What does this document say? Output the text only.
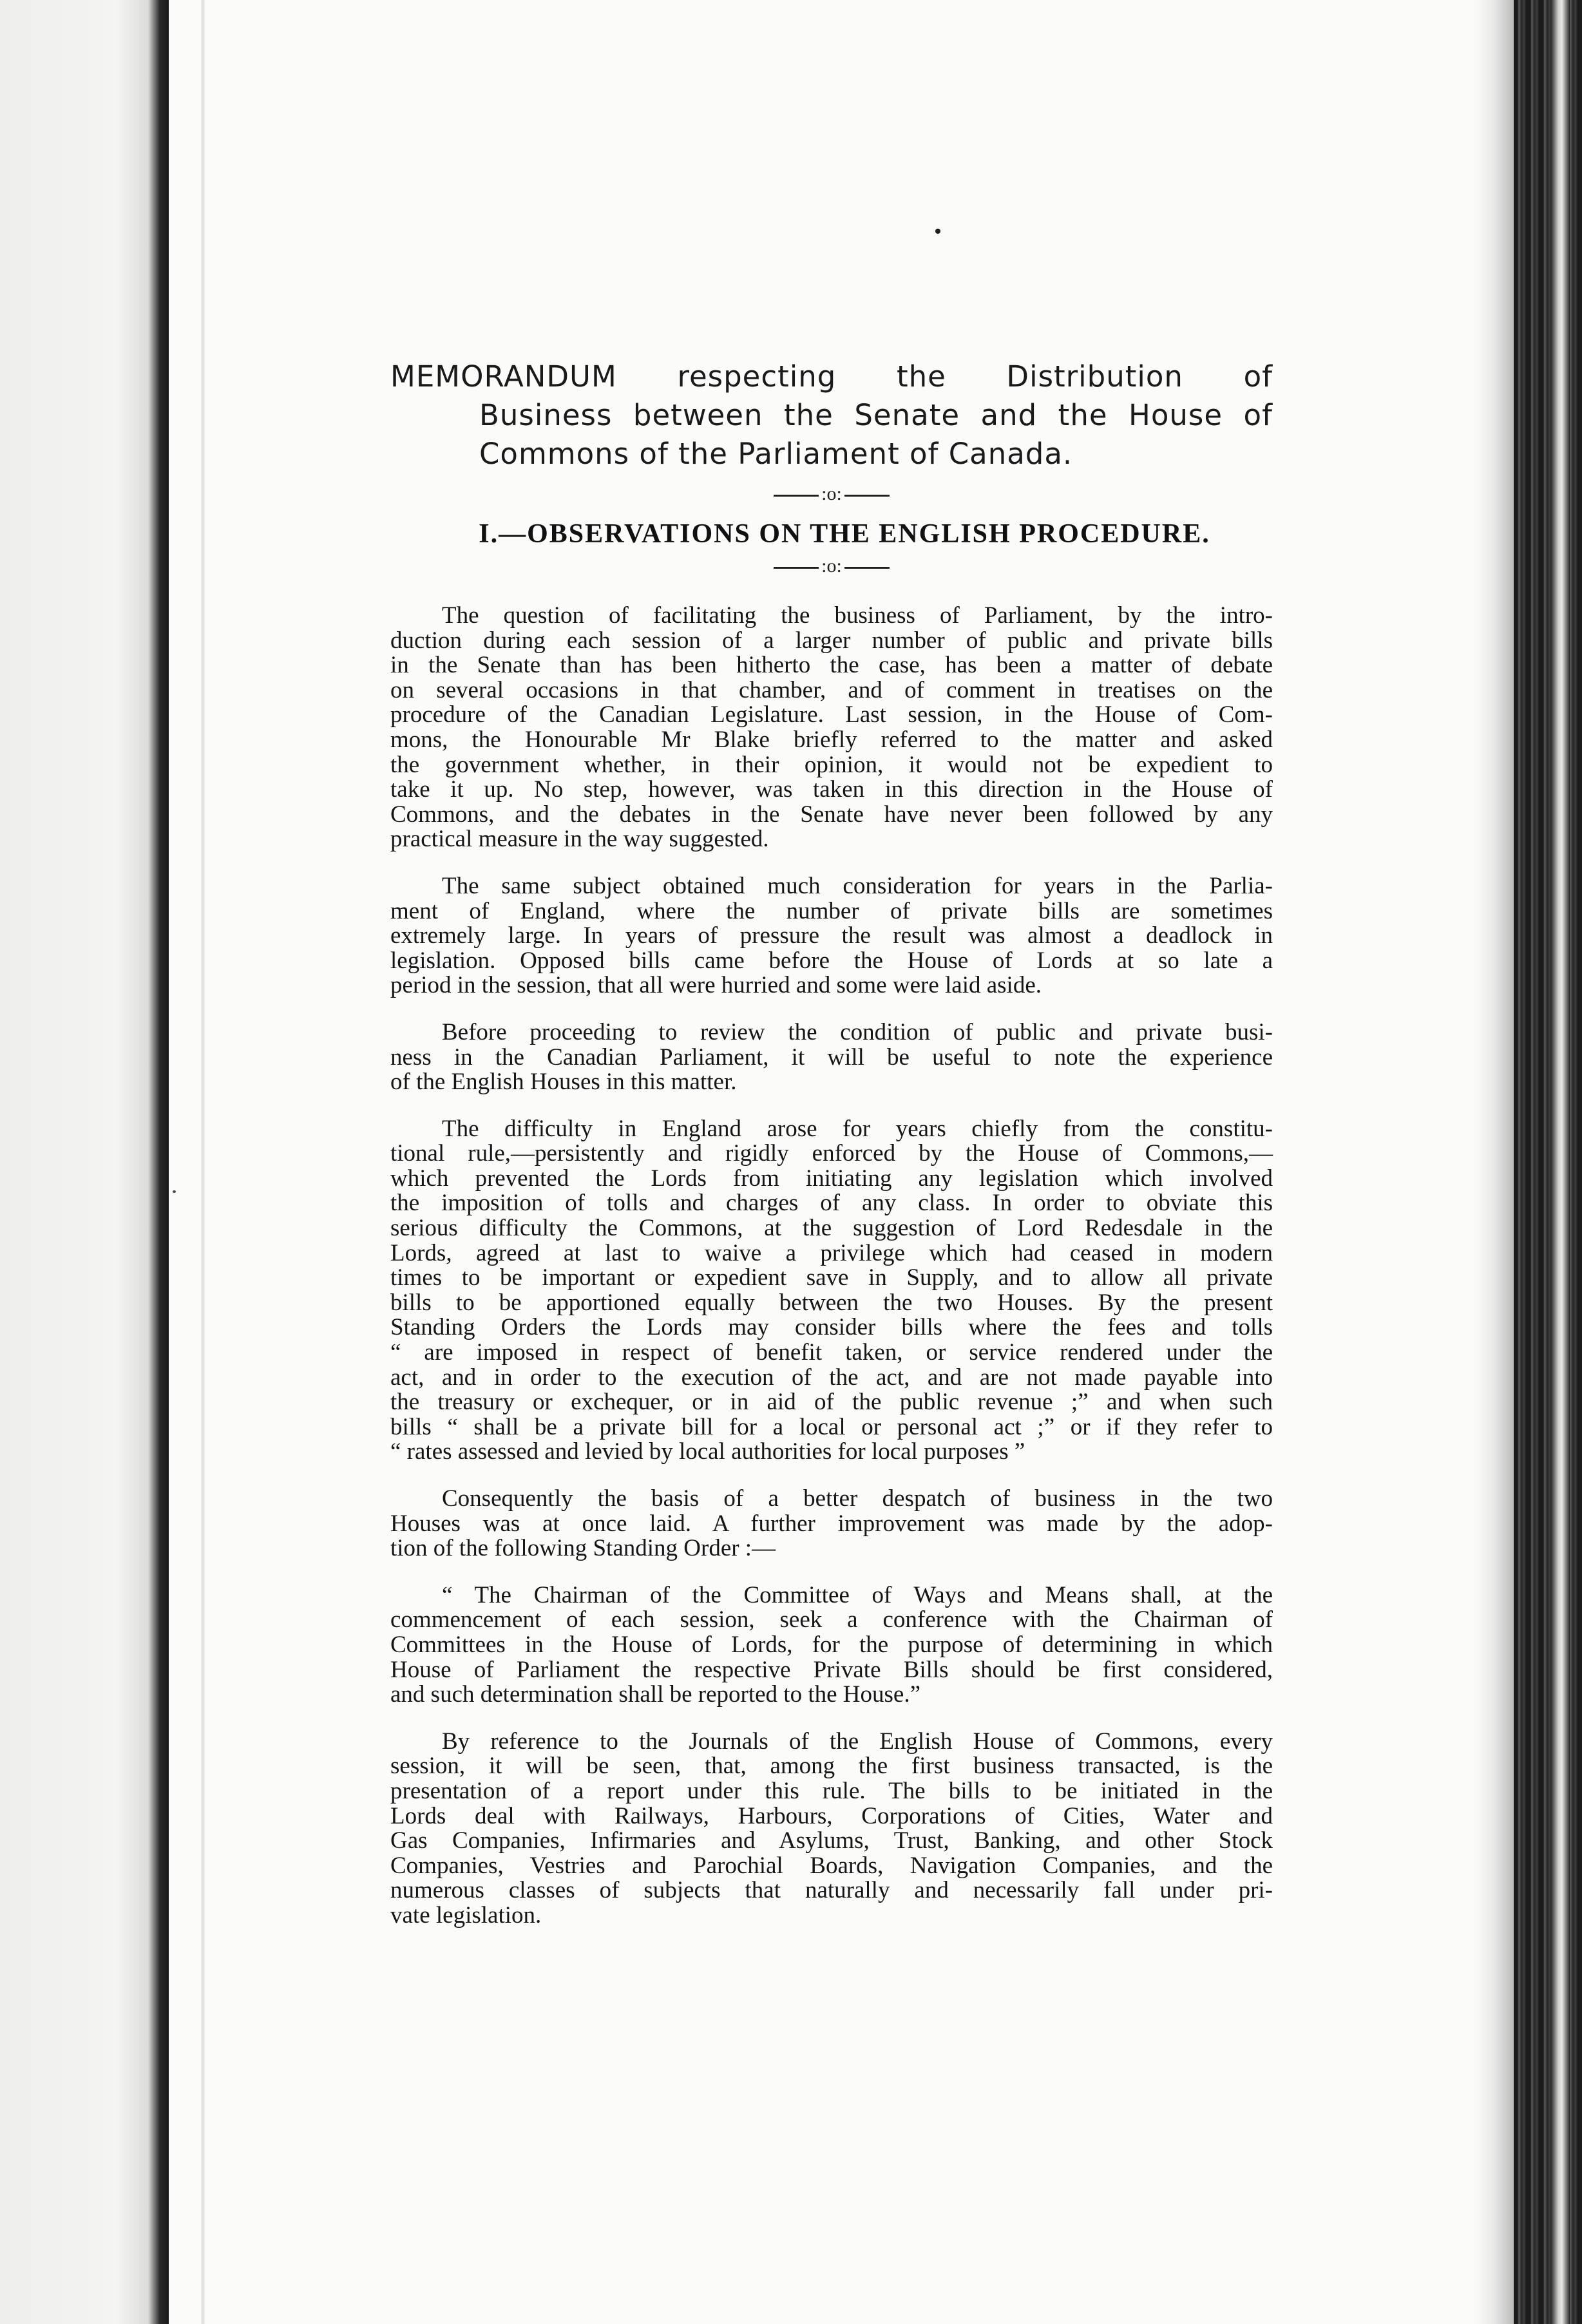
MEMORANDUM respecting the Distribution of
Business between the Senate and the House of
Commons of the Parliament of Canada.
:o:
I.—OBSERVATIONS ON THE ENGLISH PROCEDURE.
:o:
The question of facilitating the business of Parliament, by the intro-
duction during each session of a larger number of public and private bills
in the Senate than has been hitherto the case, has been a matter of debate
on several occasions in that chamber, and of comment in treatises on the
procedure of the Canadian Legislature. Last session, in the House of Com-
mons, the Honourable Mr Blake briefly referred to the matter and asked
the government whether, in their opinion, it would not be expedient to
take it up. No step, however, was taken in this direction in the House of
Commons, and the debates in the Senate have never been followed by any
practical measure in the way suggested.
The same subject obtained much consideration for years in the Parlia-
ment of England, where the number of private bills are sometimes
extremely large. In years of pressure the result was almost a deadlock in
legislation. Opposed bills came before the House of Lords at so late a
period in the session, that all were hurried and some were laid aside.
Before proceeding to review the condition of public and private busi-
ness in the Canadian Parliament, it will be useful to note the experience
of the English Houses in this matter.
The difficulty in England arose for years chiefly from the constitu-
tional rule,—persistently and rigidly enforced by the House of Commons,—
which prevented the Lords from initiating any legislation which involved
the imposition of tolls and charges of any class. In order to obviate this
serious difficulty the Commons, at the suggestion of Lord Redesdale in the
Lords, agreed at last to waive a privilege which had ceased in modern
times to be important or expedient save in Supply, and to allow all private
bills to be apportioned equally between the two Houses. By the present
Standing Orders the Lords may consider bills where the fees and tolls
“ are imposed in respect of benefit taken, or service rendered under the
act, and in order to the execution of the act, and are not made payable into
the treasury or exchequer, or in aid of the public revenue ;” and when such
bills “ shall be a private bill for a local or personal act ;” or if they refer to
“ rates assessed and levied by local authorities for local purposes ”
Consequently the basis of a better despatch of business in the two
Houses was at once laid. A further improvement was made by the adop-
tion of the following Standing Order :—
“ The Chairman of the Committee of Ways and Means shall, at the
commencement of each session, seek a conference with the Chairman of
Committees in the House of Lords, for the purpose of determining in which
House of Parliament the respective Private Bills should be first considered,
and such determination shall be reported to the House.”
By reference to the Journals of the English House of Commons, every
session, it will be seen, that, among the first business transacted, is the
presentation of a report under this rule. The bills to be initiated in the
Lords deal with Railways, Harbours, Corporations of Cities, Water and
Gas Companies, Infirmaries and Asylums, Trust, Banking, and other Stock
Companies, Vestries and Parochial Boards, Navigation Companies, and the
numerous classes of subjects that naturally and necessarily fall under pri-
vate legislation.
